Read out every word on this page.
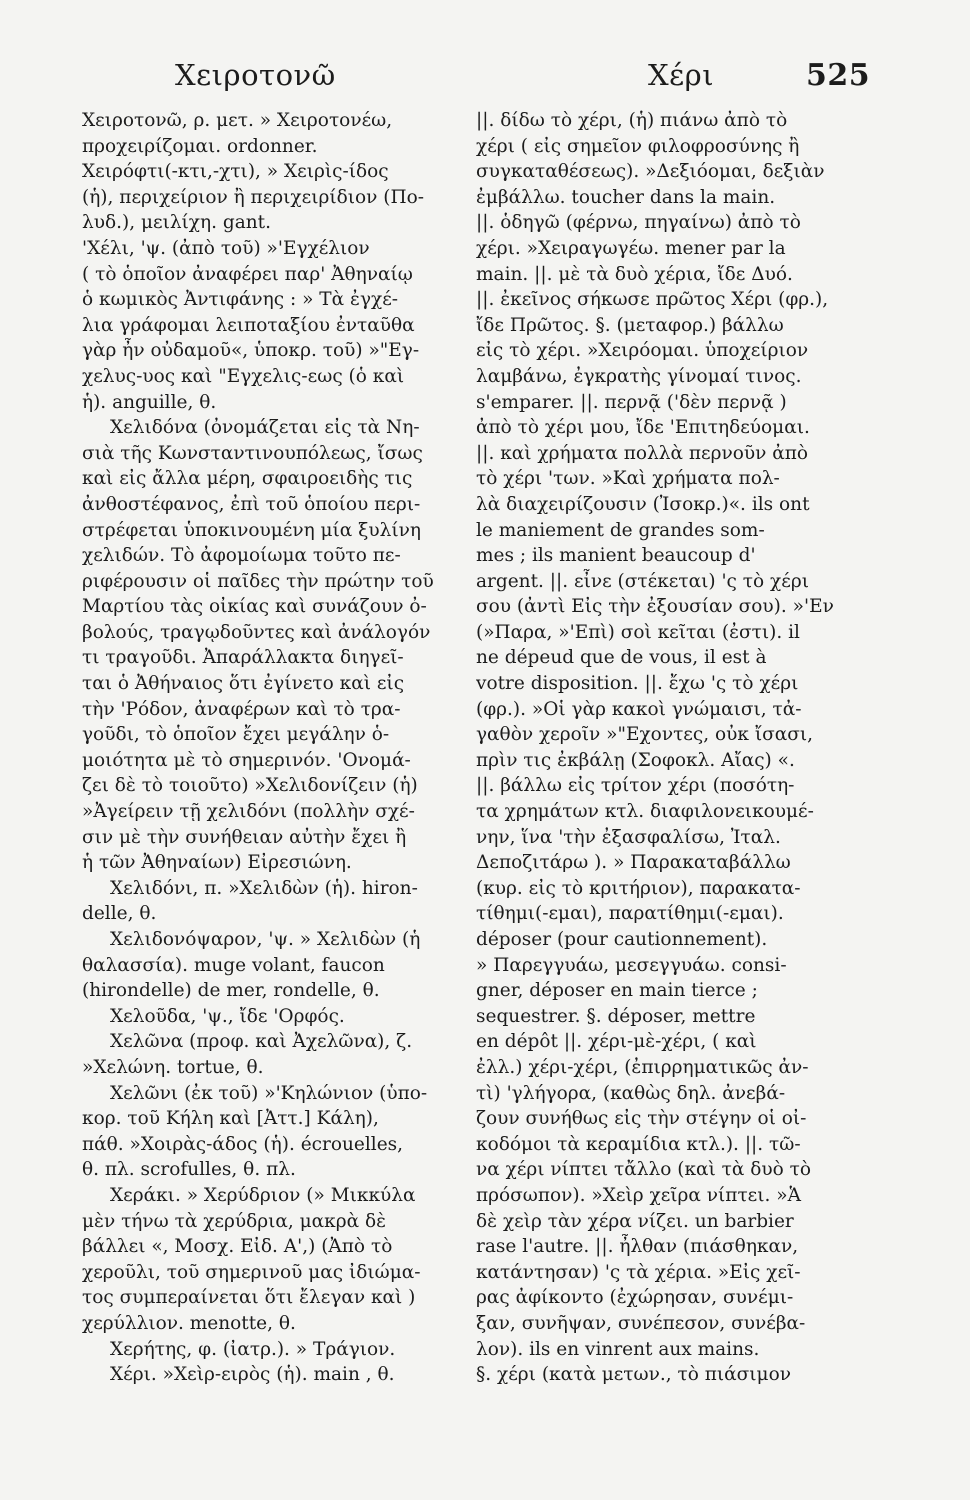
Χειροτονῶ	Χέρι	525
Χειροτονῶ, ρ. μετ. » Χειροτονέω,
προχειρίζομαι. ordonner.
Χειρόφτι(-κτι,-χτι), » Χειρὶς-ίδος
(ἡ), περιχείριον ἢ περιχειρίδιον (Πο-
λυδ.), μειλίχη. gant.
'Χέλι, 'ψ. (ἀπὸ τοῦ) »'Εγχέλιον
( τὸ ὁποῖον ἀναφέρει παρ' Ἀθηναίῳ
ὁ κωμικὸς Ἀντιφάνης : » Τὰ ἐγχέ-
λια γράφομαι λειποταξίου ἐνταῦθα
γὰρ ἦν οὐδαμοῦ«, ὑποκρ. τοῦ) »"Εγ-
χελυς-υος καὶ "Εγχελις-εως (ὁ καὶ
ἡ). anguille, θ.
Χελιδόνα (ὀνομάζεται εἰς τὰ Νη-
σιὰ τῆς Κωνσταντινουπόλεως, ἴσως
καὶ εἰς ἄλλα μέρη, σφαιροειδὴς τις
ἀνθοστέφανος, ἐπὶ τοῦ ὁποίου περι-
στρέφεται ὑποκινουμένη μία ξυλίνη
χελιδών. Τὸ ἀφομοίωμα τοῦτο πε-
ριφέρουσιν οἱ παῖδες τὴν πρώτην τοῦ
Μαρτίου τὰς οἰκίας καὶ συνάζουν ὀ-
βολούς, τραγῳδοῦντες καὶ ἀνάλογόν
τι τραγοῦδι. Ἀπαράλλακτα διηγεῖ-
ται ὁ Ἀθήναιος ὅτι ἐγίνετο καὶ εἰς
τὴν 'Ρόδον, ἀναφέρων καὶ τὸ τρα-
γοῦδι, τὸ ὁποῖον ἔχει μεγάλην ὁ-
μοιότητα μὲ τὸ σημερινόν. 'Ονομά-
ζει δὲ τὸ τοιοῦτο) »Χελιδονίζειν (ἡ)
»Ἀγείρειν τῇ χελιδόνι (πολλὴν σχέ-
σιν μὲ τὴν συνήθειαν αὐτὴν ἔχει ἢ
ἡ τῶν Ἀθηναίων) Εἰρεσιώνη.
Χελιδόνι, π. »Χελιδὼν (ἡ). hiron-
delle, θ.
Χελιδονόψαρον, 'ψ. » Χελιδὼν (ἡ
θαλασσία). muge volant, faucon
(hirondelle) de mer, rondelle, θ.
Χελοῦδα, 'ψ., ἴδε 'Ορφός.
Χελῶνα (προφ. καὶ Ἀχελῶνα), ζ.
»Χελώνη. tortue, θ.
Χελῶνι (ἐκ τοῦ) »'Κηλώνιον (ὑπο-
κορ. τοῦ Κήλη καὶ [Ἀττ.] Κάλη),
πάθ. »Χοιρὰς-άδος (ἡ). écrouelles,
θ. πλ. scrofulles, θ. πλ.
Χεράκι. » Χερύδριον (» Μικκύλα
μὲν τήνω τὰ χερύδρια, μακρὰ δὲ
βάλλει «, Μοσχ. Εἰδ. Α',) (Ἀπὸ τὸ
χεροῦλι, τοῦ σημερινοῦ μας ἰδιώμα-
τος συμπεραίνεται ὅτι ἔλεγαν καὶ )
χερύλλιον. menotte, θ.
Χερήτης, φ. (ἰατρ.). » Τράγιον.
Χέρι. »Χεὶρ-ειρὸς (ἡ). main , θ.
||. δίδω τὸ χέρι, (ἡ) πιάνω ἀπὸ τὸ
χέρι ( εἰς σημεῖον φιλοφροσύνης ἢ
συγκαταθέσεως). »Δεξιόομαι, δεξιὰν
ἐμβάλλω. toucher dans la main.
||. ὁδηγῶ (φέρνω, πηγαίνω) ἀπὸ τὸ
χέρι. »Χειραγωγέω. mener par la
main. ||. μὲ τὰ δυὸ χέρια, ἴδε Δυό.
||. ἐκεῖνος σήκωσε πρῶτος Χέρι (φρ.),
ἴδε Πρῶτος. §. (μεταφορ.) βάλλω
εἰς τὸ χέρι. »Χειρόομαι. ὑποχείριον
λαμβάνω, ἐγκρατὴς γίνομαί τινος.
s'emparer. ||. περνᾷ ('δὲν περνᾷ )
ἀπὸ τὸ χέρι μου, ἴδε 'Επιτηδεύομαι.
||. καὶ χρήματα πολλὰ περνοῦν ἀπὸ
τὸ χέρι 'των. »Καὶ χρήματα πολ-
λὰ διαχειρίζουσιν (Ἰσοκρ.)«. ils ont
le maniement de grandes som-
mes ; ils manient beaucoup d'
argent. ||. εἶνε (στέκεται) 'ς τὸ χέρι
σου (ἀντὶ Εἰς τὴν ἐξουσίαν σου). »'Εν
(»Παρα, »'Επὶ) σοὶ κεῖται (ἐστι). il
ne dépeud que de vous, il est à
votre disposition. ||. ἔχω 'ς τὸ χέρι
(φρ.). »Οἱ γὰρ κακοὶ γνώμαισι, τἀ-
γαθὸν χεροῖν »"Εχοντες, οὐκ ἴσασι,
πρὶν τις ἐκβάλῃ (Σοφοκλ. Αἴας) «.
||. βάλλω εἰς τρίτον χέρι (ποσότη-
τα χρημάτων κτλ. διαφιλονεικουμέ-
νην, ἵνα 'τὴν ἐξασφαλίσω, Ἰταλ.
Δεποζιτάρω ). » Παρακαταβάλλω
(κυρ. εἰς τὸ κριτήριον), παρακατα-
τίθημι(-εμαι), παρατίθημι(-εμαι).
déposer (pour cautionnement).
» Παρεγγυάω, μεσεγγυάω. consi-
gner, déposer en main tierce ;
sequestrer. §. déposer, mettre
en dépôt ||. χέρι-μὲ-χέρι, ( καὶ
ἐλλ.) χέρι-χέρι, (ἐπιρρηματικῶς ἀν-
τὶ) 'γλήγορα, (καθὼς δηλ. ἀνεβά-
ζουν συνήθως εἰς τὴν στέγην οἱ οἰ-
κοδόμοι τὰ κεραμίδια κτλ.). ||. τῶ-
να χέρι νίπτει τἄλλο (καὶ τὰ δυὸ τὸ
πρόσωπον). »Χεὶρ χεῖρα νίπτει. »Ἁ
δὲ χεὶρ τὰν χέρα νίζει. un barbier
rase l'autre. ||. ἦλθαν (πιάσθηκαν,
κατάντησαν) 'ς τὰ χέρια. »Εἰς χεῖ-
ρας ἀφίκοντο (ἐχώρησαν, συνέμι-
ξαν, συνῆψαν, συνέπεσον, συνέβα-
λον). ils en vinrent aux mains.
§. χέρι (κατὰ μετων., τὸ πιάσιμον
